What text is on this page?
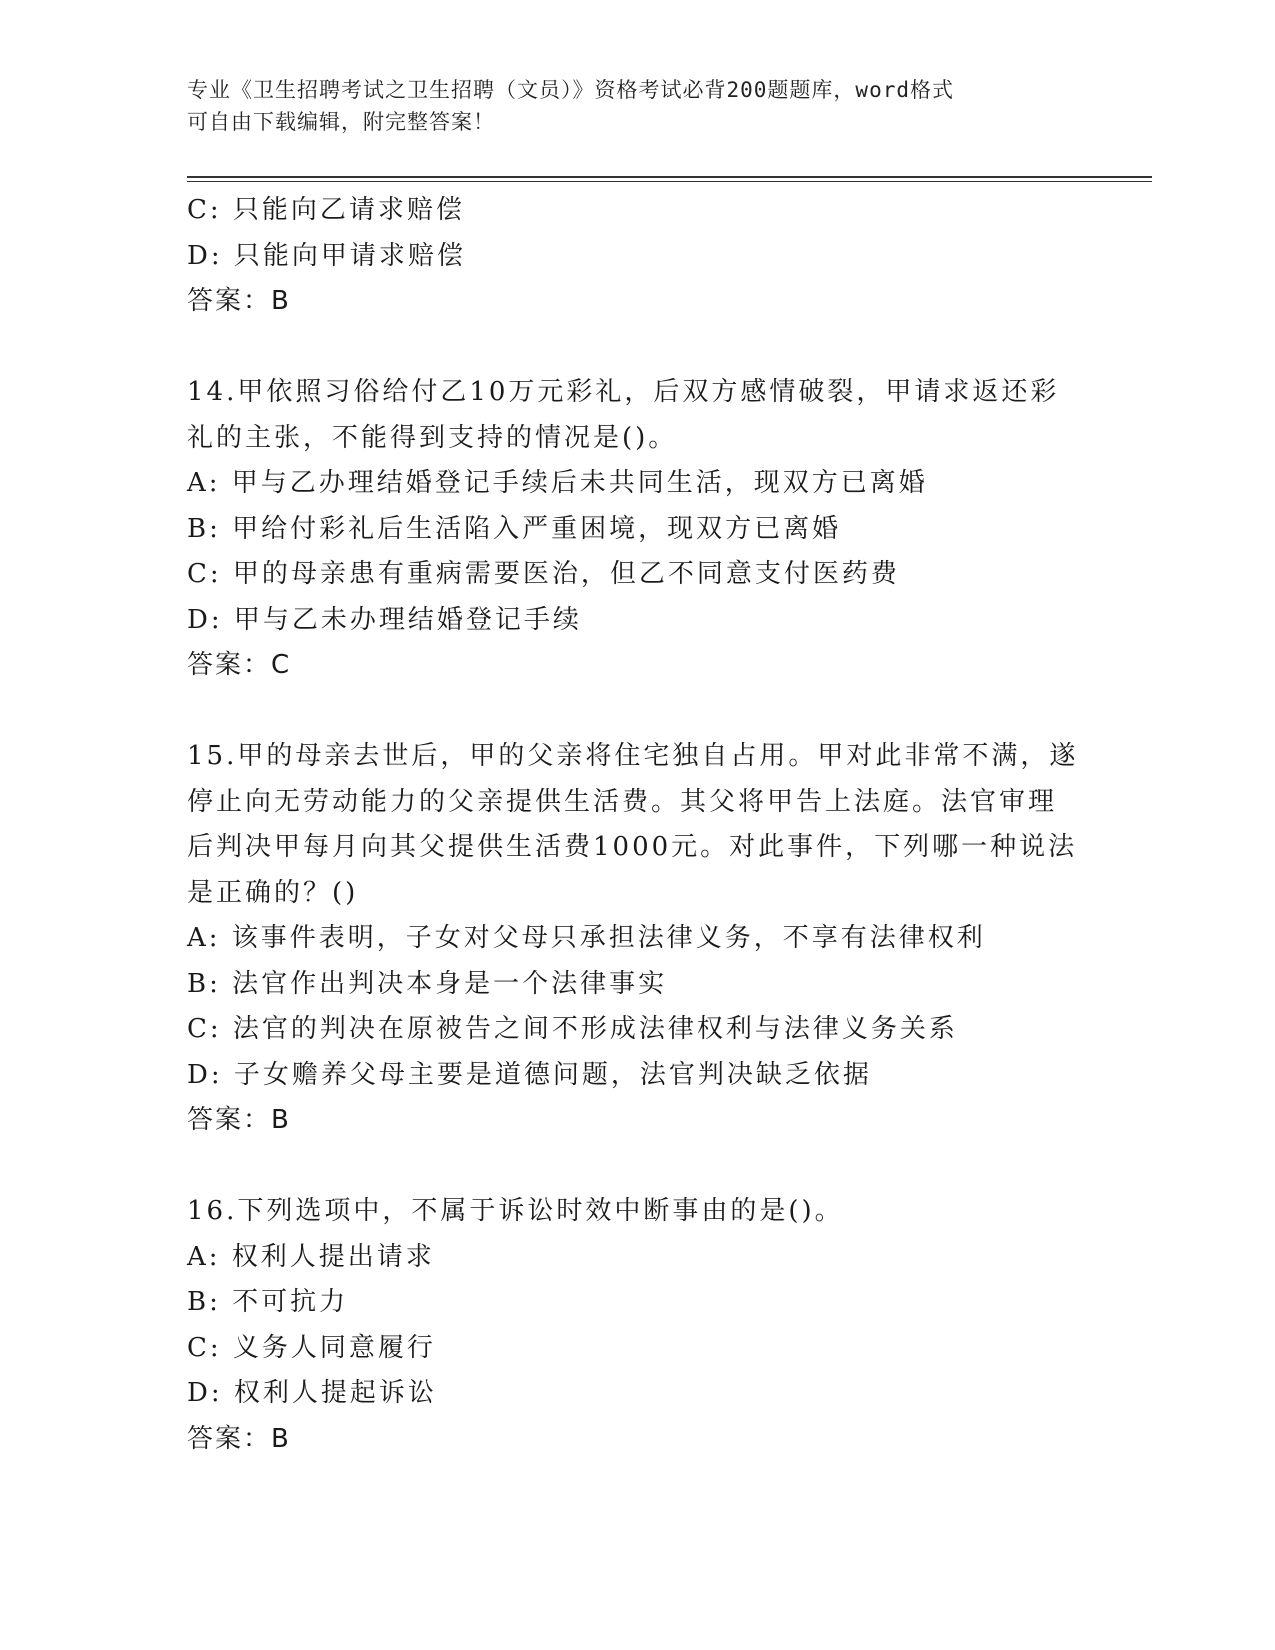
专业《卫生招聘考试之卫生招聘（文员）》资格考试必背200题题库，word格式
可自由下载编辑，附完整答案！
C: 只能向乙请求赔偿
D: 只能向甲请求赔偿
答案：B
14.甲依照习俗给付乙10万元彩礼，后双方感情破裂，甲请求返还彩
礼的主张，不能得到支持的情况是()。
A: 甲与乙办理结婚登记手续后未共同生活，现双方已离婚
B: 甲给付彩礼后生活陷入严重困境，现双方已离婚
C: 甲的母亲患有重病需要医治，但乙不同意支付医药费
D: 甲与乙未办理结婚登记手续
答案：C
15.甲的母亲去世后，甲的父亲将住宅独自占用。甲对此非常不满，遂
停止向无劳动能力的父亲提供生活费。其父将甲告上法庭。法官审理
后判决甲每月向其父提供生活费1000元。对此事件，下列哪一种说法
是正确的？()
A: 该事件表明，子女对父母只承担法律义务，不享有法律权利
B: 法官作出判决本身是一个法律事实
C: 法官的判决在原被告之间不形成法律权利与法律义务关系
D: 子女赡养父母主要是道德问题，法官判决缺乏依据
答案：B
16.下列选项中，不属于诉讼时效中断事由的是()。
A: 权利人提出请求
B: 不可抗力
C: 义务人同意履行
D: 权利人提起诉讼
答案：B
